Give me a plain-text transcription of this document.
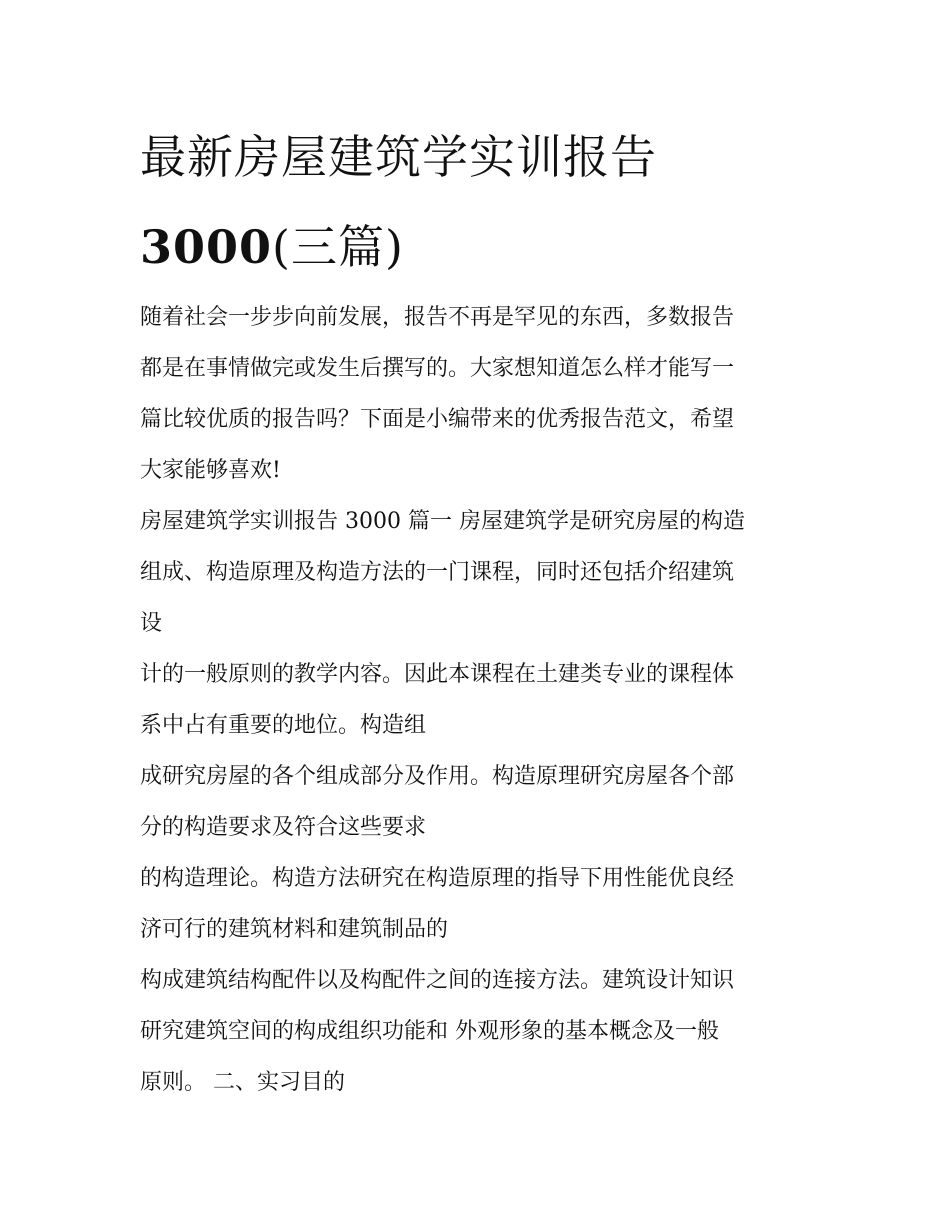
最新房屋建筑学实训报告
3000(三篇)
随着社会一步步向前发展，报告不再是罕见的东西，多数报告
都是在事情做完或发生后撰写的。大家想知道怎么样才能写一
篇比较优质的报告吗？下面是小编带来的优秀报告范文，希望
大家能够喜欢!
房屋建筑学实训报告 3000 篇一 房屋建筑学是研究房屋的构造
组成、构造原理及构造方法的一门课程，同时还包括介绍建筑
设
计的一般原则的教学内容。因此本课程在土建类专业的课程体
系中占有重要的地位。构造组
成研究房屋的各个组成部分及作用。构造原理研究房屋各个部
分的构造要求及符合这些要求
的构造理论。构造方法研究在构造原理的指导下用性能优良经
济可行的建筑材料和建筑制品的
构成建筑结构配件以及构配件之间的连接方法。建筑设计知识
研究建筑空间的构成组织功能和 外观形象的基本概念及一般
原则。 二、实习目的
